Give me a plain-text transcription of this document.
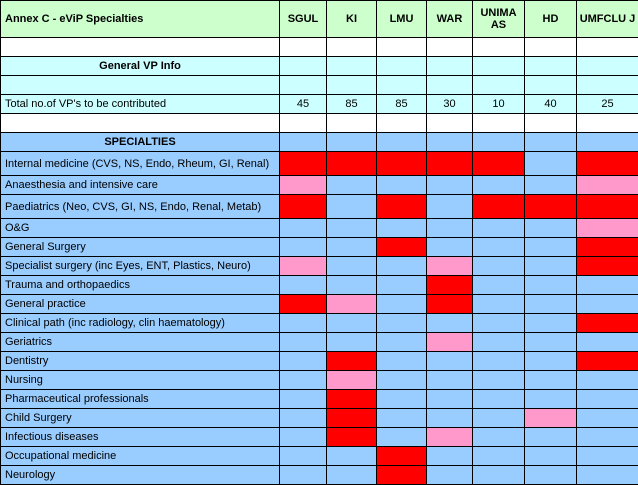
Annex C - eViP Specialties	SGUL	KI	LMU	WAR	UNIMA AS	HD	UMFCLU J

General VP Info							

Total no.of VP's to be contributed	45	85	85	30	10	40	25

SPECIALTIES							
Internal medicine (CVS, NS, Endo, Rheum, GI, Renal)							
Anaesthesia and intensive care							
Paediatrics (Neo, CVS, GI, NS, Endo, Renal, Metab)							
O&G							
General Surgery							
Specialist surgery (inc Eyes, ENT, Plastics, Neuro)							
Trauma and orthopaedics							
General practice							
Clinical path (inc radiology, clin haematology)							
Geriatrics							
Dentistry							
Nursing							
Pharmaceutical professionals							
Child Surgery							
Infectious diseases							
Occupational medicine							
Neurology							
